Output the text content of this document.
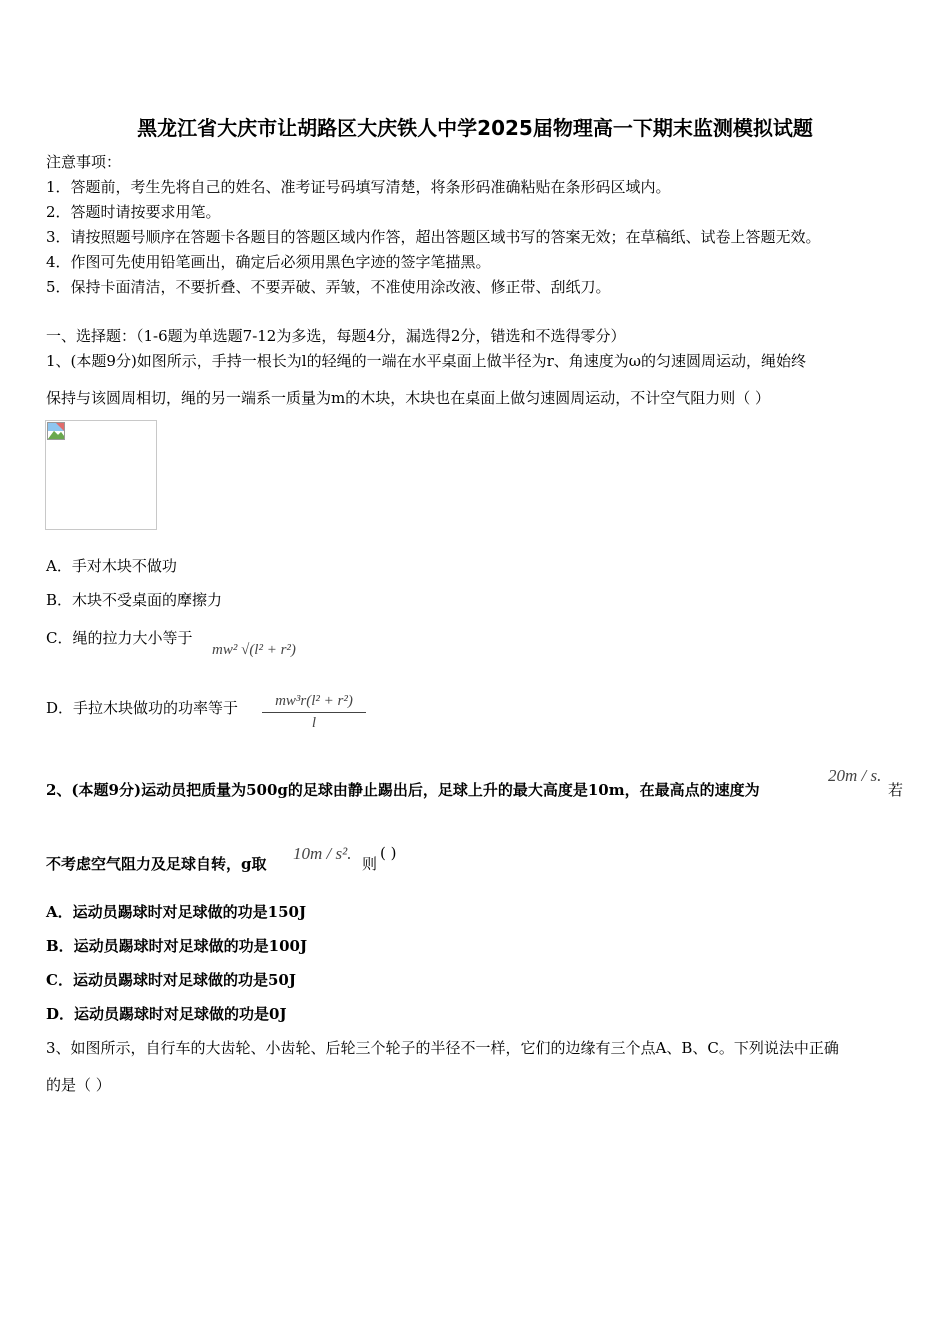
黑龙江省大庆市让胡路区大庆铁人中学2025届物理高一下期末监测模拟试题
注意事项：
1．答题前，考生先将自己的姓名、准考证号码填写清楚，将条形码准确粘贴在条形码区域内。
2．答题时请按要求用笔。
3．请按照题号顺序在答题卡各题目的答题区域内作答，超出答题区域书写的答案无效；在草稿纸、试卷上答题无效。
4．作图可先使用铅笔画出，确定后必须用黑色字迹的签字笔描黑。
5．保持卡面清洁，不要折叠、不要弄破、弄皱，不准使用涂改液、修正带、刮纸刀。
一、选择题：（1-6题为单选题7-12为多选，每题4分，漏选得2分，错选和不选得零分）
1、(本题9分)如图所示，手持一根长为l的轻绳的一端在水平桌面上做半径为r、角速度为ω的匀速圆周运动，绳始终
保持与该圆周相切，绳的另一端系一质量为m的木块，木块也在桌面上做匀速圆周运动，不计空气阻力则（ ）
A．手对木块不做功
B．木块不受桌面的摩擦力
C．绳的拉力大小等于
mw² √(l² + r²)
D．手拉木块做功的功率等于 $\frac{\text{mw³r(l² + r²)}}{l}$
2、(本题9分)运动员把质量为500g的足球由静止踢出后，足球上升的最大高度是10m，在最高点的速度为
20m / s.
若
不考虑空气阻力及足球自转，g取
10m / s².
则
( )
A．运动员踢球时对足球做的功是150J
B．运动员踢球时对足球做的功是100J
C．运动员踢球时对足球做的功是50J
D．运动员踢球时对足球做的功是0J
3、如图所示，自行车的大齿轮、小齿轮、后轮三个轮子的半径不一样，它们的边缘有三个点A、B、C。下列说法中正确
的是（ ）
